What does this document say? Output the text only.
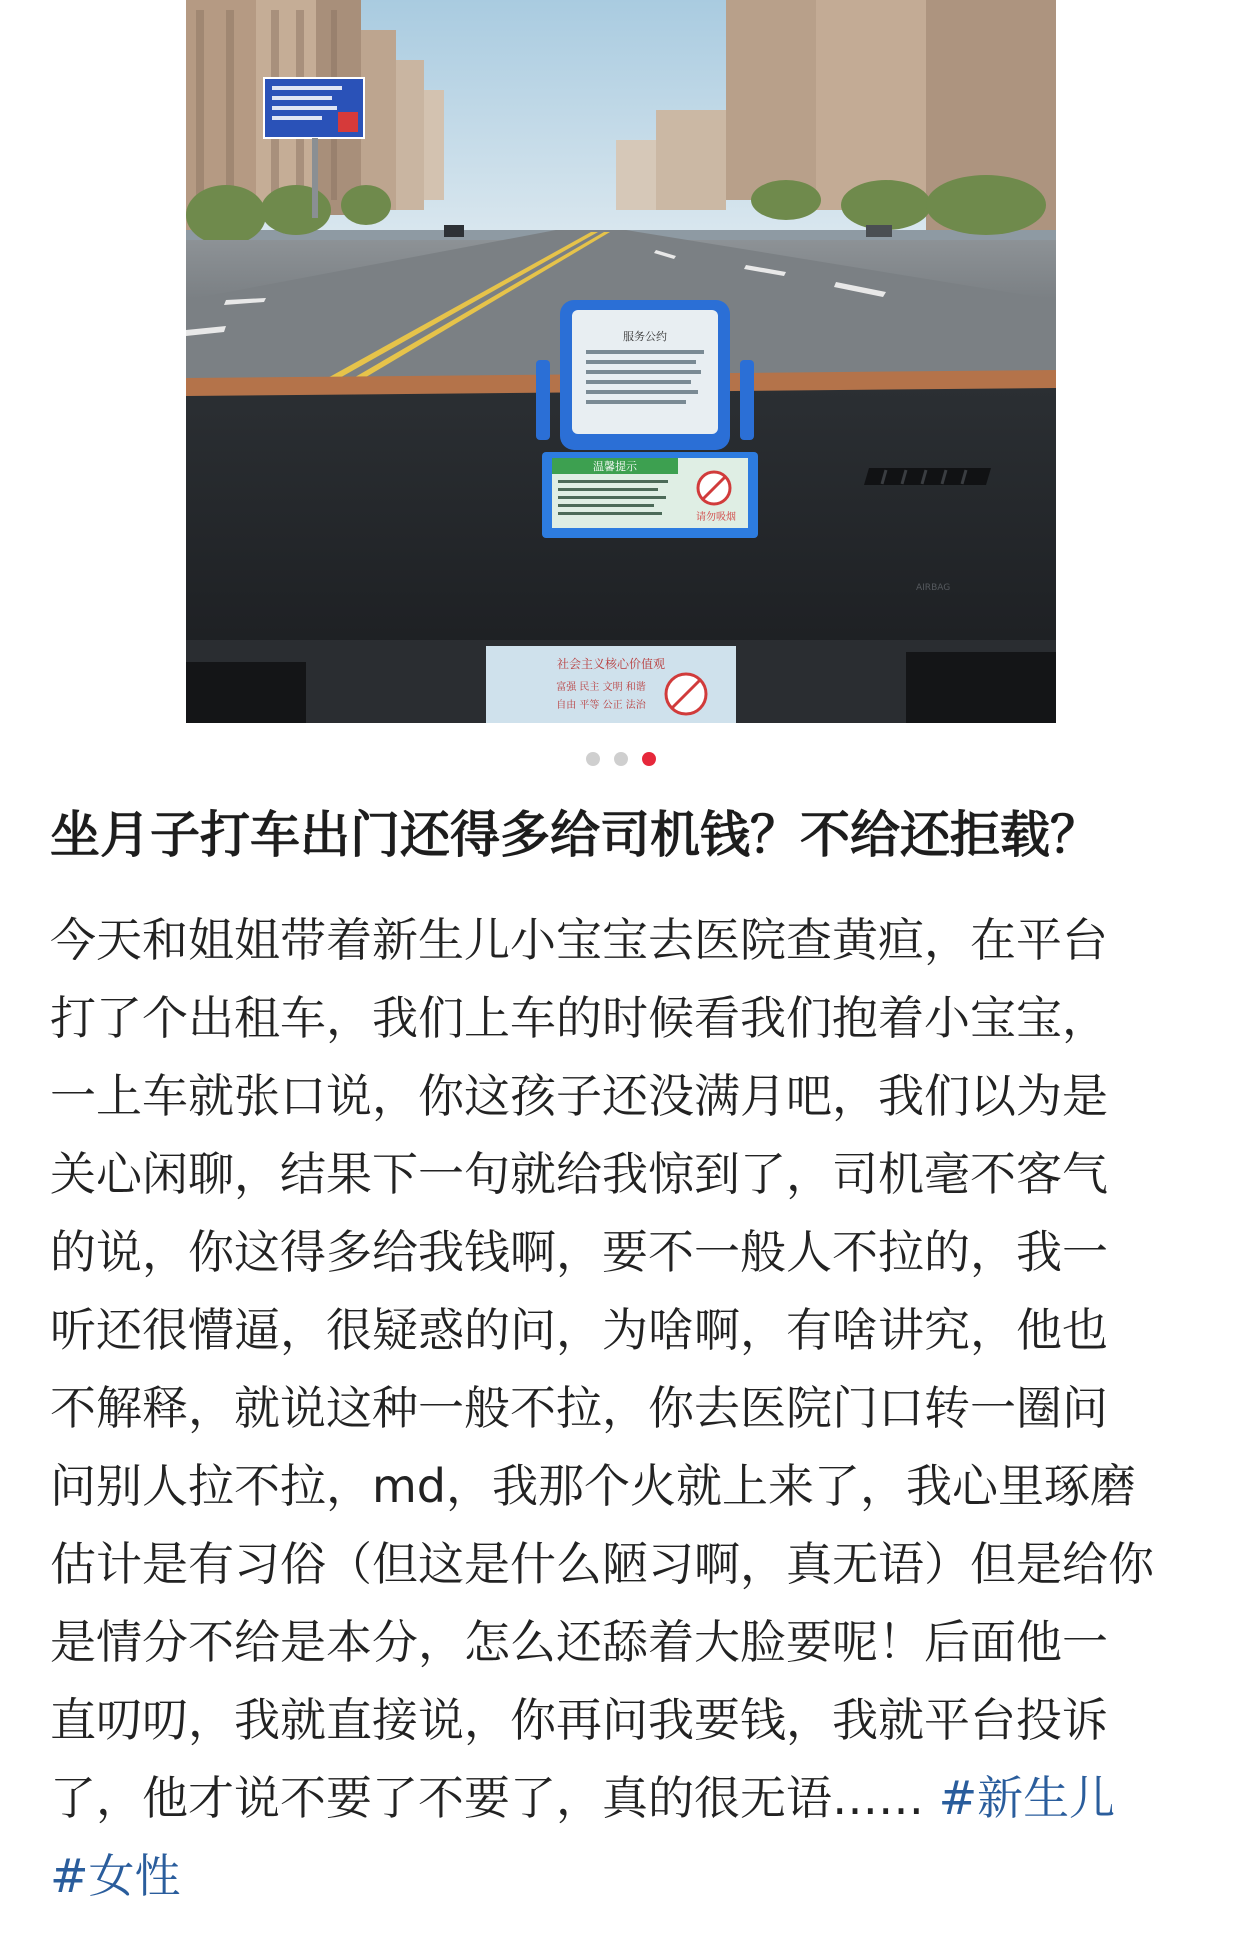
服务公约
温馨提示
请勿吸烟
AIRBAG
社会主义核心价值观
富强 民主 文明 和谐
自由 平等 公正 法治
坐月子打车出门还得多给司机钱？不给还拒载？
今天和姐姐带着新生儿小宝宝去医院查黄疸，在平台
打了个出租车，我们上车的时候看我们抱着小宝宝，
一上车就张口说，你这孩子还没满月吧，我们以为是
关心闲聊，结果下一句就给我惊到了，司机毫不客气
的说，你这得多给我钱啊，要不一般人不拉的，我一
听还很懵逼，很疑惑的问，为啥啊，有啥讲究，他也
不解释，就说这种一般不拉，你去医院门口转一圈问
问别人拉不拉，md，我那个火就上来了，我心里琢磨
估计是有习俗（但这是什么陋习啊，真无语）但是给你
是情分不给是本分，怎么还舔着大脸要呢！后面他一
直叨叨，我就直接说，你再问我要钱，我就平台投诉
了，他才说不要了不要了，真的很无语…… #新生儿
#女性
